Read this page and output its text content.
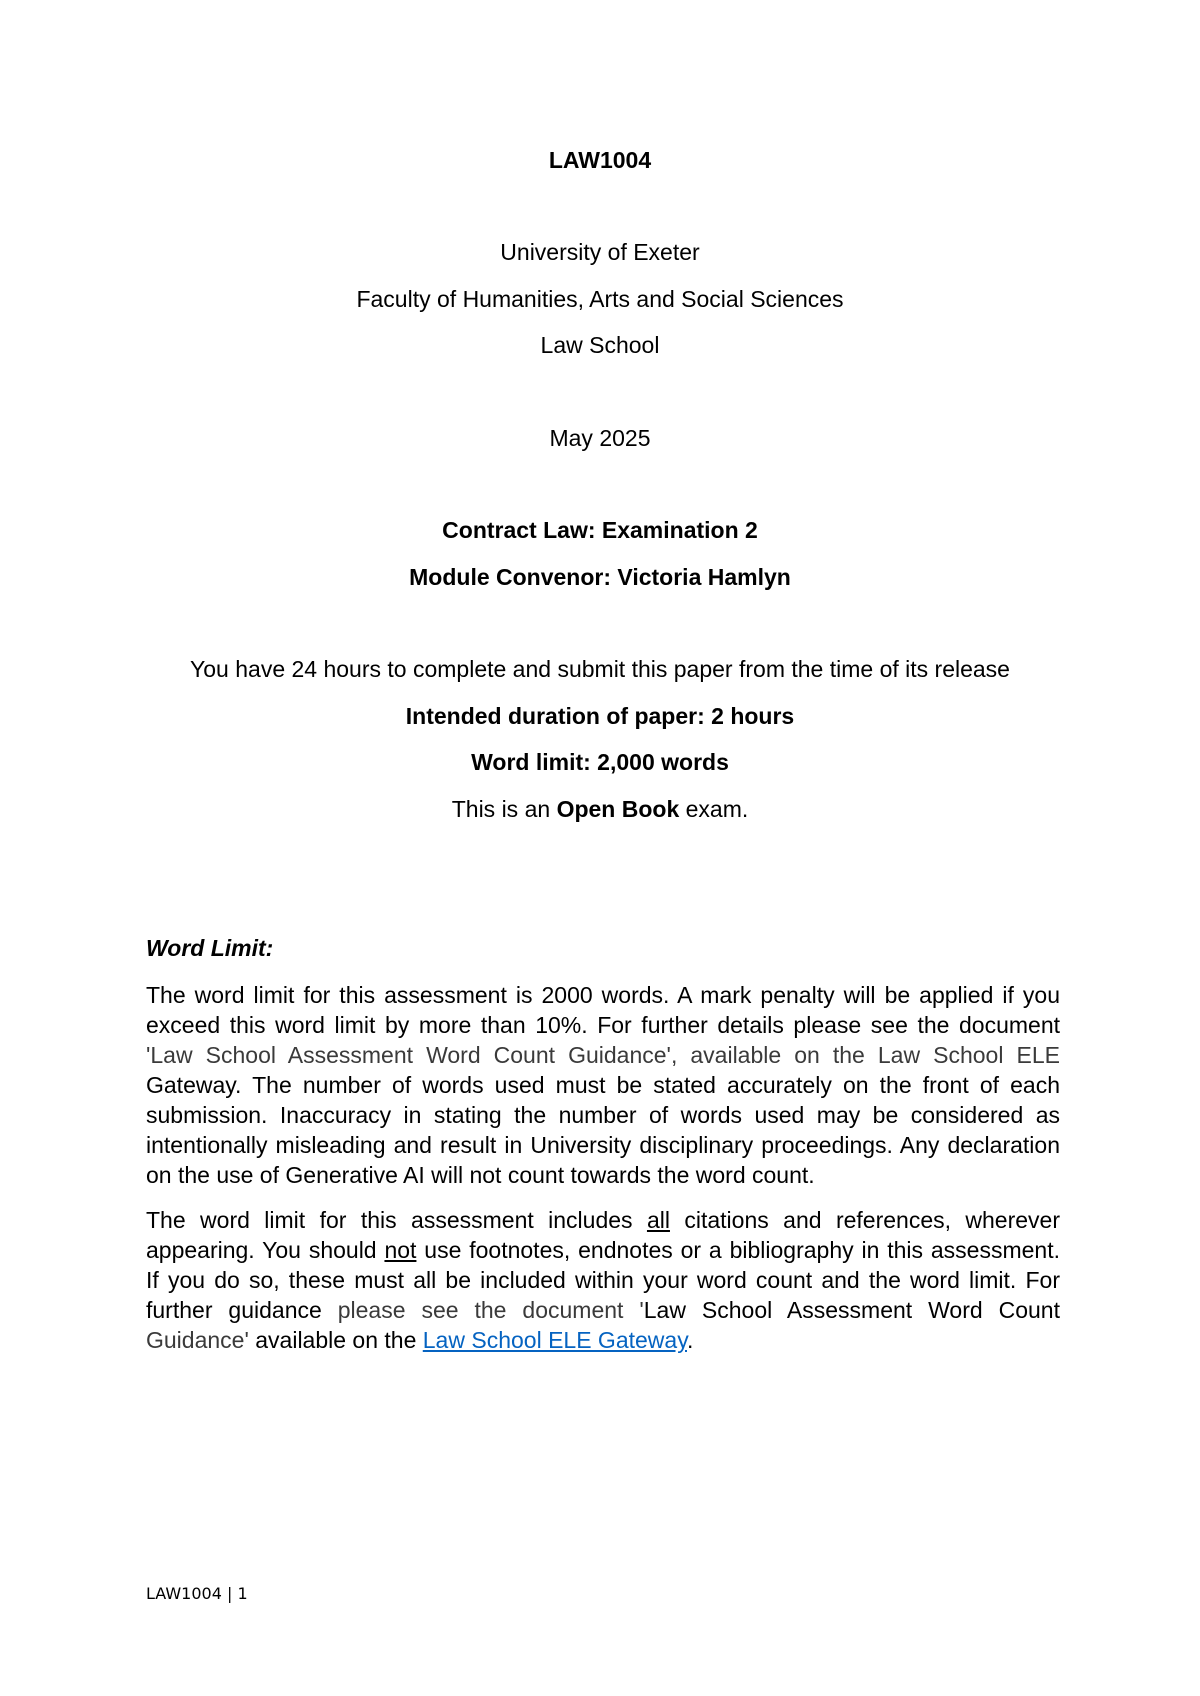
LAW1004

University of Exeter

Faculty of Humanities, Arts and Social Sciences

Law School

May 2025

Contract Law: Examination 2

Module Convenor: Victoria Hamlyn

You have 24 hours to complete and submit this paper from the time of its release

Intended duration of paper: 2 hours

Word limit: 2,000 words

This is an Open Book exam.

Word Limit:

The word limit for this assessment is 2000 words. A mark penalty will be applied if you exceed this word limit by more than 10%. For further details please see the document 'Law School Assessment Word Count Guidance', available on the Law School ELE Gateway. The number of words used must be stated accurately on the front of each submission. Inaccuracy in stating the number of words used may be considered as intentionally misleading and result in University disciplinary proceedings. Any declaration on the use of Generative AI will not count towards the word count.

The word limit for this assessment includes all citations and references, wherever appearing. You should not use footnotes, endnotes or a bibliography in this assessment. If you do so, these must all be included within your word count and the word limit. For further guidance please see the document 'Law School Assessment Word Count Guidance' available on the Law School ELE Gateway.

LAW1004 | 1
